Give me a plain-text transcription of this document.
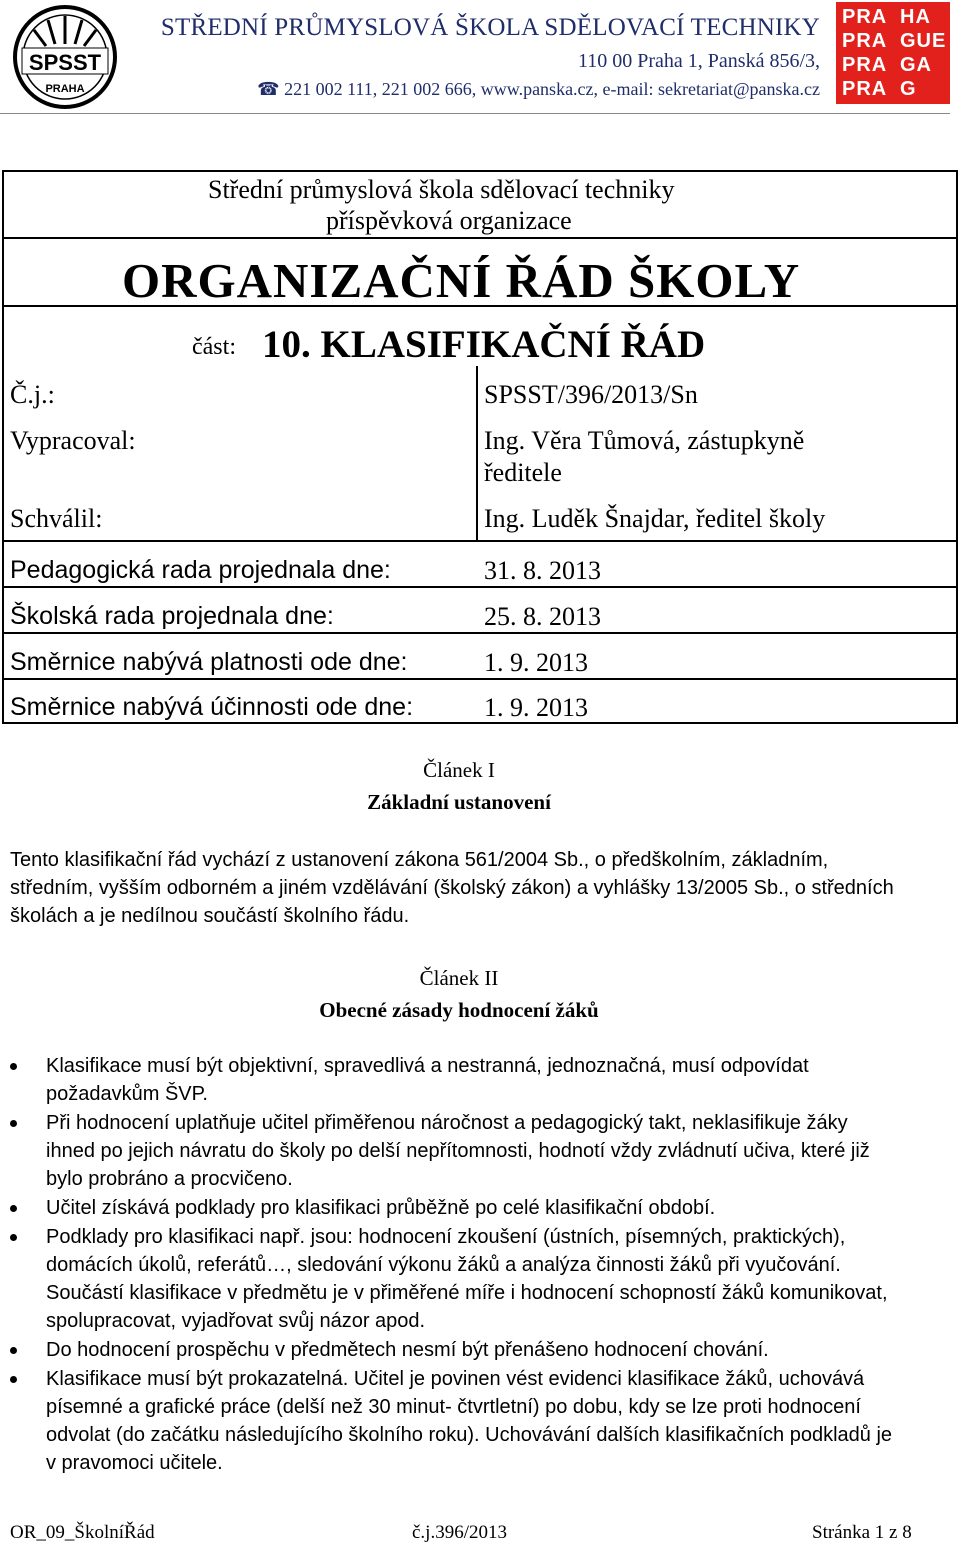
SPSST
PRAHA
STŘEDNÍ PRŮMYSLOVÁ ŠKOLA SDĚLOVACÍ TECHNIKY
110 00 Praha 1, Panská 856/3,
☎ 221 002 111, 221 002 666, www.panska.cz, e-mail: sekretariat@panska.cz
PRA HA
PRA GUE
PRA GA
PRA G
Střední průmyslová škola sdělovací techniky
příspěvková organizace
ORGANIZAČNÍ ŘÁD ŠKOLY
část: 10. KLASIFIKAČNÍ ŘÁD
Č.j.:	SPSST/396/2013/Sn
Vypracoval:	Ing. Věra Tůmová, zástupkyně
ředitele
Schválil:	Ing. Luděk Šnajdar, ředitel školy
Pedagogická rada projednala dne:	31. 8. 2013
Školská rada projednala dne:	25. 8. 2013
Směrnice nabývá platnosti ode dne:	1. 9. 2013
Směrnice nabývá účinnosti ode dne:	1. 9. 2013
Článek I
Základní ustanovení
Tento klasifikační řád vychází z ustanovení zákona 561/2004 Sb., o předškolním, základním, středním, vyšším odborném a jiném vzdělávání (školský zákon) a vyhlášky 13/2005 Sb., o středních školách a je nedílnou součástí školního řádu.
Článek II
Obecné zásady hodnocení žáků
Klasifikace musí být objektivní, spravedlivá a nestranná, jednoznačná, musí odpovídat požadavkům ŠVP.
Při hodnocení uplatňuje učitel přiměřenou náročnost a pedagogický takt, neklasifikuje žáky ihned po jejich návratu do školy po delší nepřítomnosti, hodnotí vždy zvládnutí učiva, které již bylo probráno a procvičeno.
Učitel získává podklady pro klasifikaci průběžně po celé klasifikační období.
Podklady pro klasifikaci např. jsou: hodnocení zkoušení (ústních, písemných, praktických), domácích úkolů, referátů…, sledování výkonu žáků a analýza činnosti žáků při vyučování. Součástí klasifikace v předmětu je v přiměřené míře i hodnocení schopností žáků komunikovat, spolupracovat, vyjadřovat svůj názor apod.
Do hodnocení prospěchu v předmětech nesmí být přenášeno hodnocení chování.
Klasifikace musí být prokazatelná. Učitel je povinen vést evidenci klasifikace žáků, uchovává písemné a grafické práce (delší než 30 minut- čtvrtletní) po dobu, kdy se lze proti hodnocení odvolat (do začátku následujícího školního roku). Uchovávání dalších klasifikačních podkladů je v pravomoci učitele.
OR_09_ŠkolníŘád	č.j.396/2013	Stránka 1 z 8
